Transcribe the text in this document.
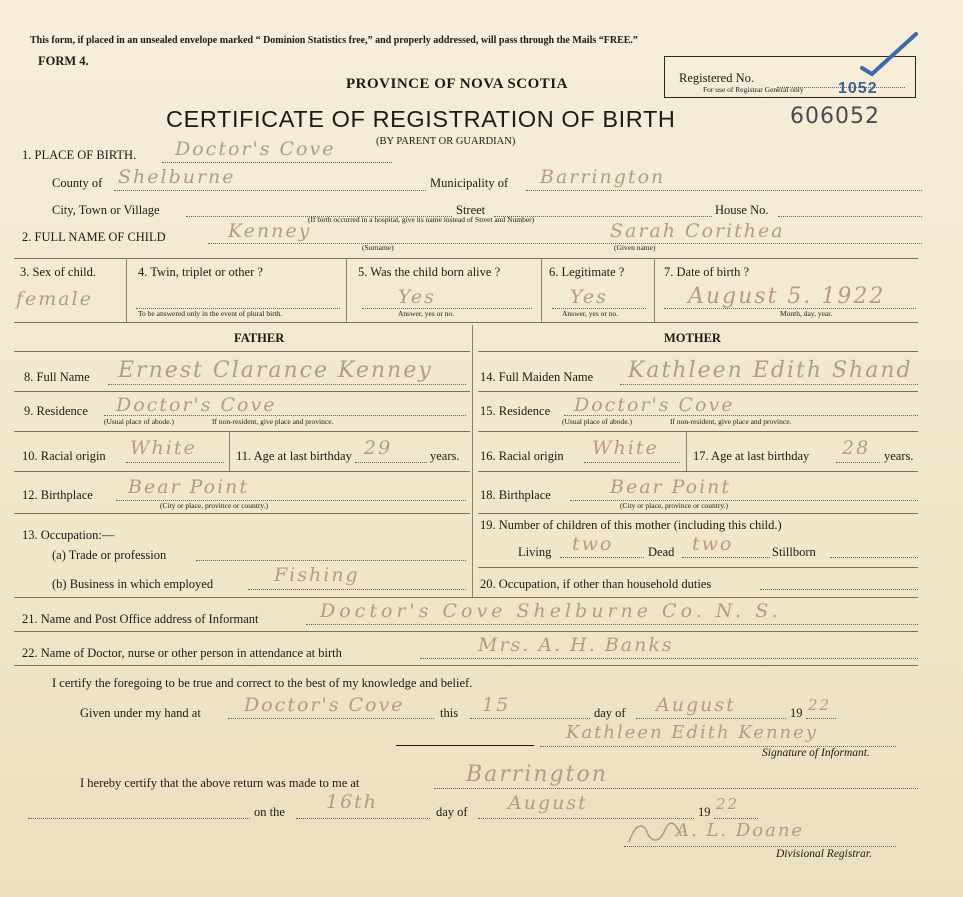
This form, if placed in an unsealed envelope marked “ Dominion Statistics free,” and properly addressed, will pass through the Mails “FREE.”
FORM 4.
PROVINCE OF NOVA SCOTIA
CERTIFICATE OF REGISTRATION OF BIRTH
(BY PARENT OR GUARDIAN)
Registered No.
For use of Registrar General only 1052
606052
1. PLACE OF BIRTH. Doctor's Cove
County of Shelburne	Municipality of Barrington
City, Town or Village	Street	House No.
(If birth occurred in a hospital, give its name instead of Street and Number)
2. FULL NAME OF CHILD	Kenney	Sarah Corithea
(Surname)	(Given name)
3. Sex of child.
female
4. Twin, triplet or other ?
To be answered only in the event of plural birth.
5. Was the child born alive ?
Yes
Answer, yes or no.
6. Legitimate ?
Yes
Answer, yes or no.
7. Date of birth ?
August 5. 1922
Month, day, year.
FATHER	MOTHER
8. Full Name Ernest Clarance Kenney	14. Full Maiden Name Kathleen Edith Shand
9. Residence Doctor's Cove
(Usual place of abode.)	If non-resident, give place and province.
15. Residence Doctor's Cove
(Usual place of abode.)	If non-resident, give place and province.
10. Racial origin White	11. Age at last birthday 29	years. 16. Racial origin White	17. Age at last birthday 28 years.
12. Birthplace Bear Point
(City or place, province or country.)
18. Birthplace	Bear Point
(City or place, province or country.)
13. Occupation:—
(a) Trade or profession
(b) Business in which employed	Fishing
19. Number of children of this mother (including this child.)
Living two	Dead two	Stillborn
20. Occupation, if other than household duties
21. Name and Post Office address of Informant	Doctor's Cove Shelburne Co. N. S.
22. Name of Doctor, nurse or other person in attendance at birth	Mrs. A. H. Banks
I certify the foregoing to be true and correct to the best of my knowledge and belief.
Given under my hand at Doctor's Cove	this 15	day of August	19 22
Kathleen Edith Kenney
Signature of Informant.
I hereby certify that the above return was made to me at	Barrington
on the 16th	day of August	19 22
A. L. Doane
Divisional Registrar.
